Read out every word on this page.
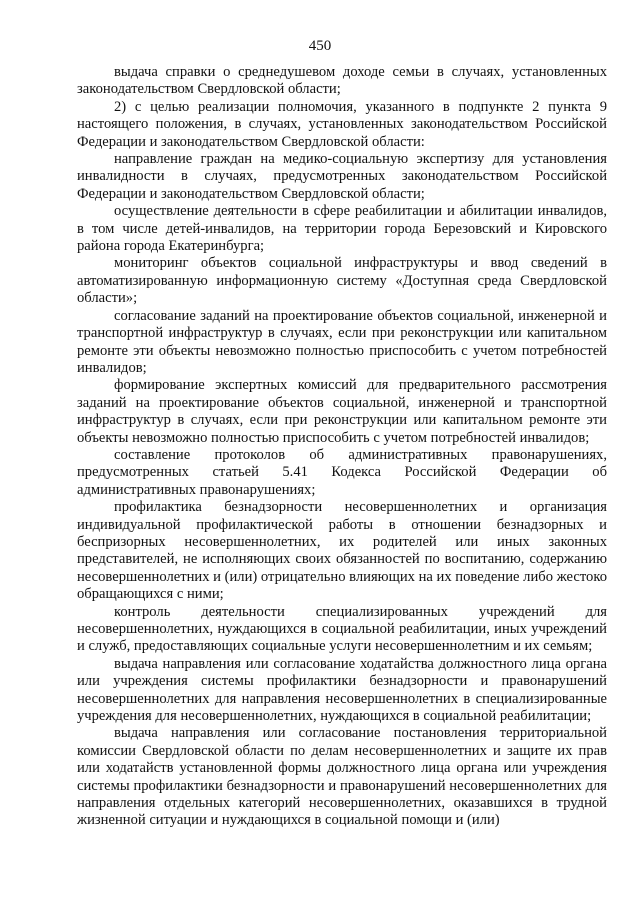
450

выдача справки о среднедушевом доходе семьи в случаях, установленных законодательством Свердловской области;

2) с целью реализации полномочия, указанного в подпункте 2 пункта 9 настоящего положения, в случаях, установленных законодательством Российской Федерации и законодательством Свердловской области:

направление граждан на медико-социальную экспертизу для установления инвалидности в случаях, предусмотренных законодательством Российской Федерации и законодательством Свердловской области;

осуществление деятельности в сфере реабилитации и абилитации инвалидов, в том числе детей-инвалидов, на территории города Березовский и Кировского района города Екатеринбурга;

мониторинг объектов социальной инфраструктуры и ввод сведений в автоматизированную информационную систему «Доступная среда Свердловской области»;

согласование заданий на проектирование объектов социальной, инженерной и транспортной инфраструктур в случаях, если при реконструкции или капитальном ремонте эти объекты невозможно полностью приспособить с учетом потребностей инвалидов;

формирование экспертных комиссий для предварительного рассмотрения заданий на проектирование объектов социальной, инженерной и транспортной инфраструктур в случаях, если при реконструкции или капитальном ремонте эти объекты невозможно полностью приспособить с учетом потребностей инвалидов;

составление протоколов об административных правонарушениях, предусмотренных статьей 5.41 Кодекса Российской Федерации об административных правонарушениях;

профилактика безнадзорности несовершеннолетних и организация индивидуальной профилактической работы в отношении безнадзорных и беспризорных несовершеннолетних, их родителей или иных законных представителей, не исполняющих своих обязанностей по воспитанию, содержанию несовершеннолетних и (или) отрицательно влияющих на их поведение либо жестоко обращающихся с ними;

контроль деятельности специализированных учреждений для несовершеннолетних, нуждающихся в социальной реабилитации, иных учреждений и служб, предоставляющих социальные услуги несовершеннолетним и их семьям;

выдача направления или согласование ходатайства должностного лица органа или учреждения системы профилактики безнадзорности и правонарушений несовершеннолетних для направления несовершеннолетних в специализированные учреждения для несовершеннолетних, нуждающихся в социальной реабилитации;

выдача направления или согласование постановления территориальной комиссии Свердловской области по делам несовершеннолетних и защите их прав или ходатайств установленной формы должностного лица органа или учреждения системы профилактики безнадзорности и правонарушений несовершеннолетних для направления отдельных категорий несовершеннолетних, оказавшихся в трудной жизненной ситуации и нуждающихся в социальной помощи и (или)
